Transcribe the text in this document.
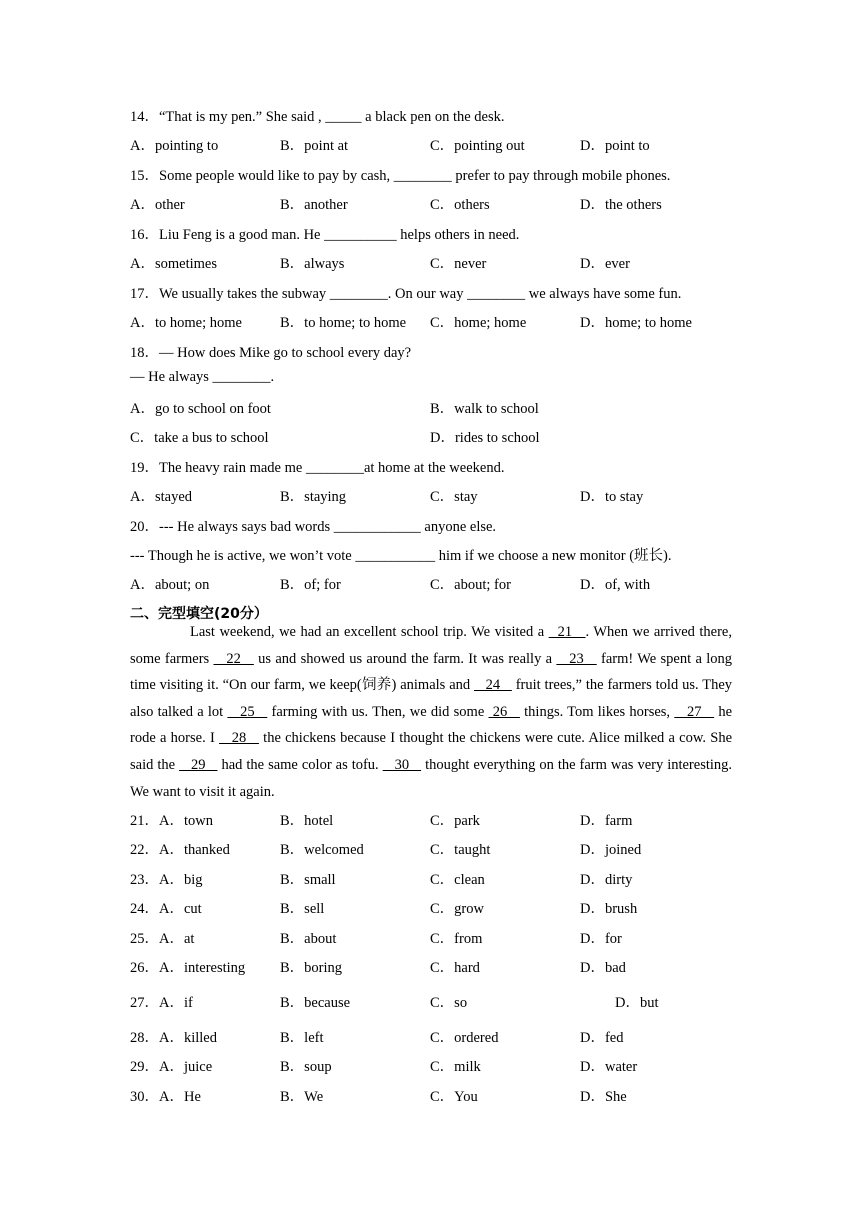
14．“That is my pen.” She said , _____ a black pen on the desk.
A．pointing to	B．point at	C．pointing out	D．point to
15．Some people would like to pay by cash, ________ prefer to pay through mobile phones.
A．other	B．another	C．others	D．the others
16．Liu Feng is a good man. He __________ helps others in need.
A．sometimes	B．always	C．never	D．ever
17．We usually takes the subway ________. On our way ________ we always have some fun.
A．to home; home	B．to home; to home C．home; home	D．home; to home
18．— How does Mike go to school every day?
— He always ________.
A．go to school on foot	B．walk to school
C．take a bus to school	D．rides to school
19．The heavy rain made me ________at home at the weekend.
A．stayed	B．staying	C．stay	D．to stay
20．--- He always says bad words ____________ anyone else.
--- Though he is active, we won’t vote ___________ him if we choose a new monitor (班长).
A．about; on	B．of; for	C．about; for	D．of, with
二、完型填空(20分）

Last weekend, we had an excellent school trip. We visited a   21   . When we arrived there, some farmers    22    us and showed us around the farm. It was really a    23    farm! We spent a long time visiting it. “On our farm, we keep(饲养) animals and    24    fruit trees,” the farmers told us. They also talked a lot    25    farming with us. Then, we did some  26    things. Tom likes horses,    27    he rode a horse. I    28    the chickens because I thought the chickens were cute. Alice milked a cow. She said the    29    had the same color as tofu.    30    thought everything on the farm was very interesting. We want to visit it again.

21．A．town	B．hotel	C．park	D．farm
22．A．thanked	B．welcomed	C．taught	D．joined
23．A．big	B．small	C．clean	D．dirty
24．A．cut	B．sell	C．grow	D．brush
25．A．at	B．about	C．from	D．for
26．A．interesting B．boring	C．hard	D．bad
27．A．if	B．because	C．so	D．but
28．A．killed	B．left	C．ordered	D．fed
29．A．juice	B．soup	C．milk	D．water
30．A．He	B．We	C．You	D．She
